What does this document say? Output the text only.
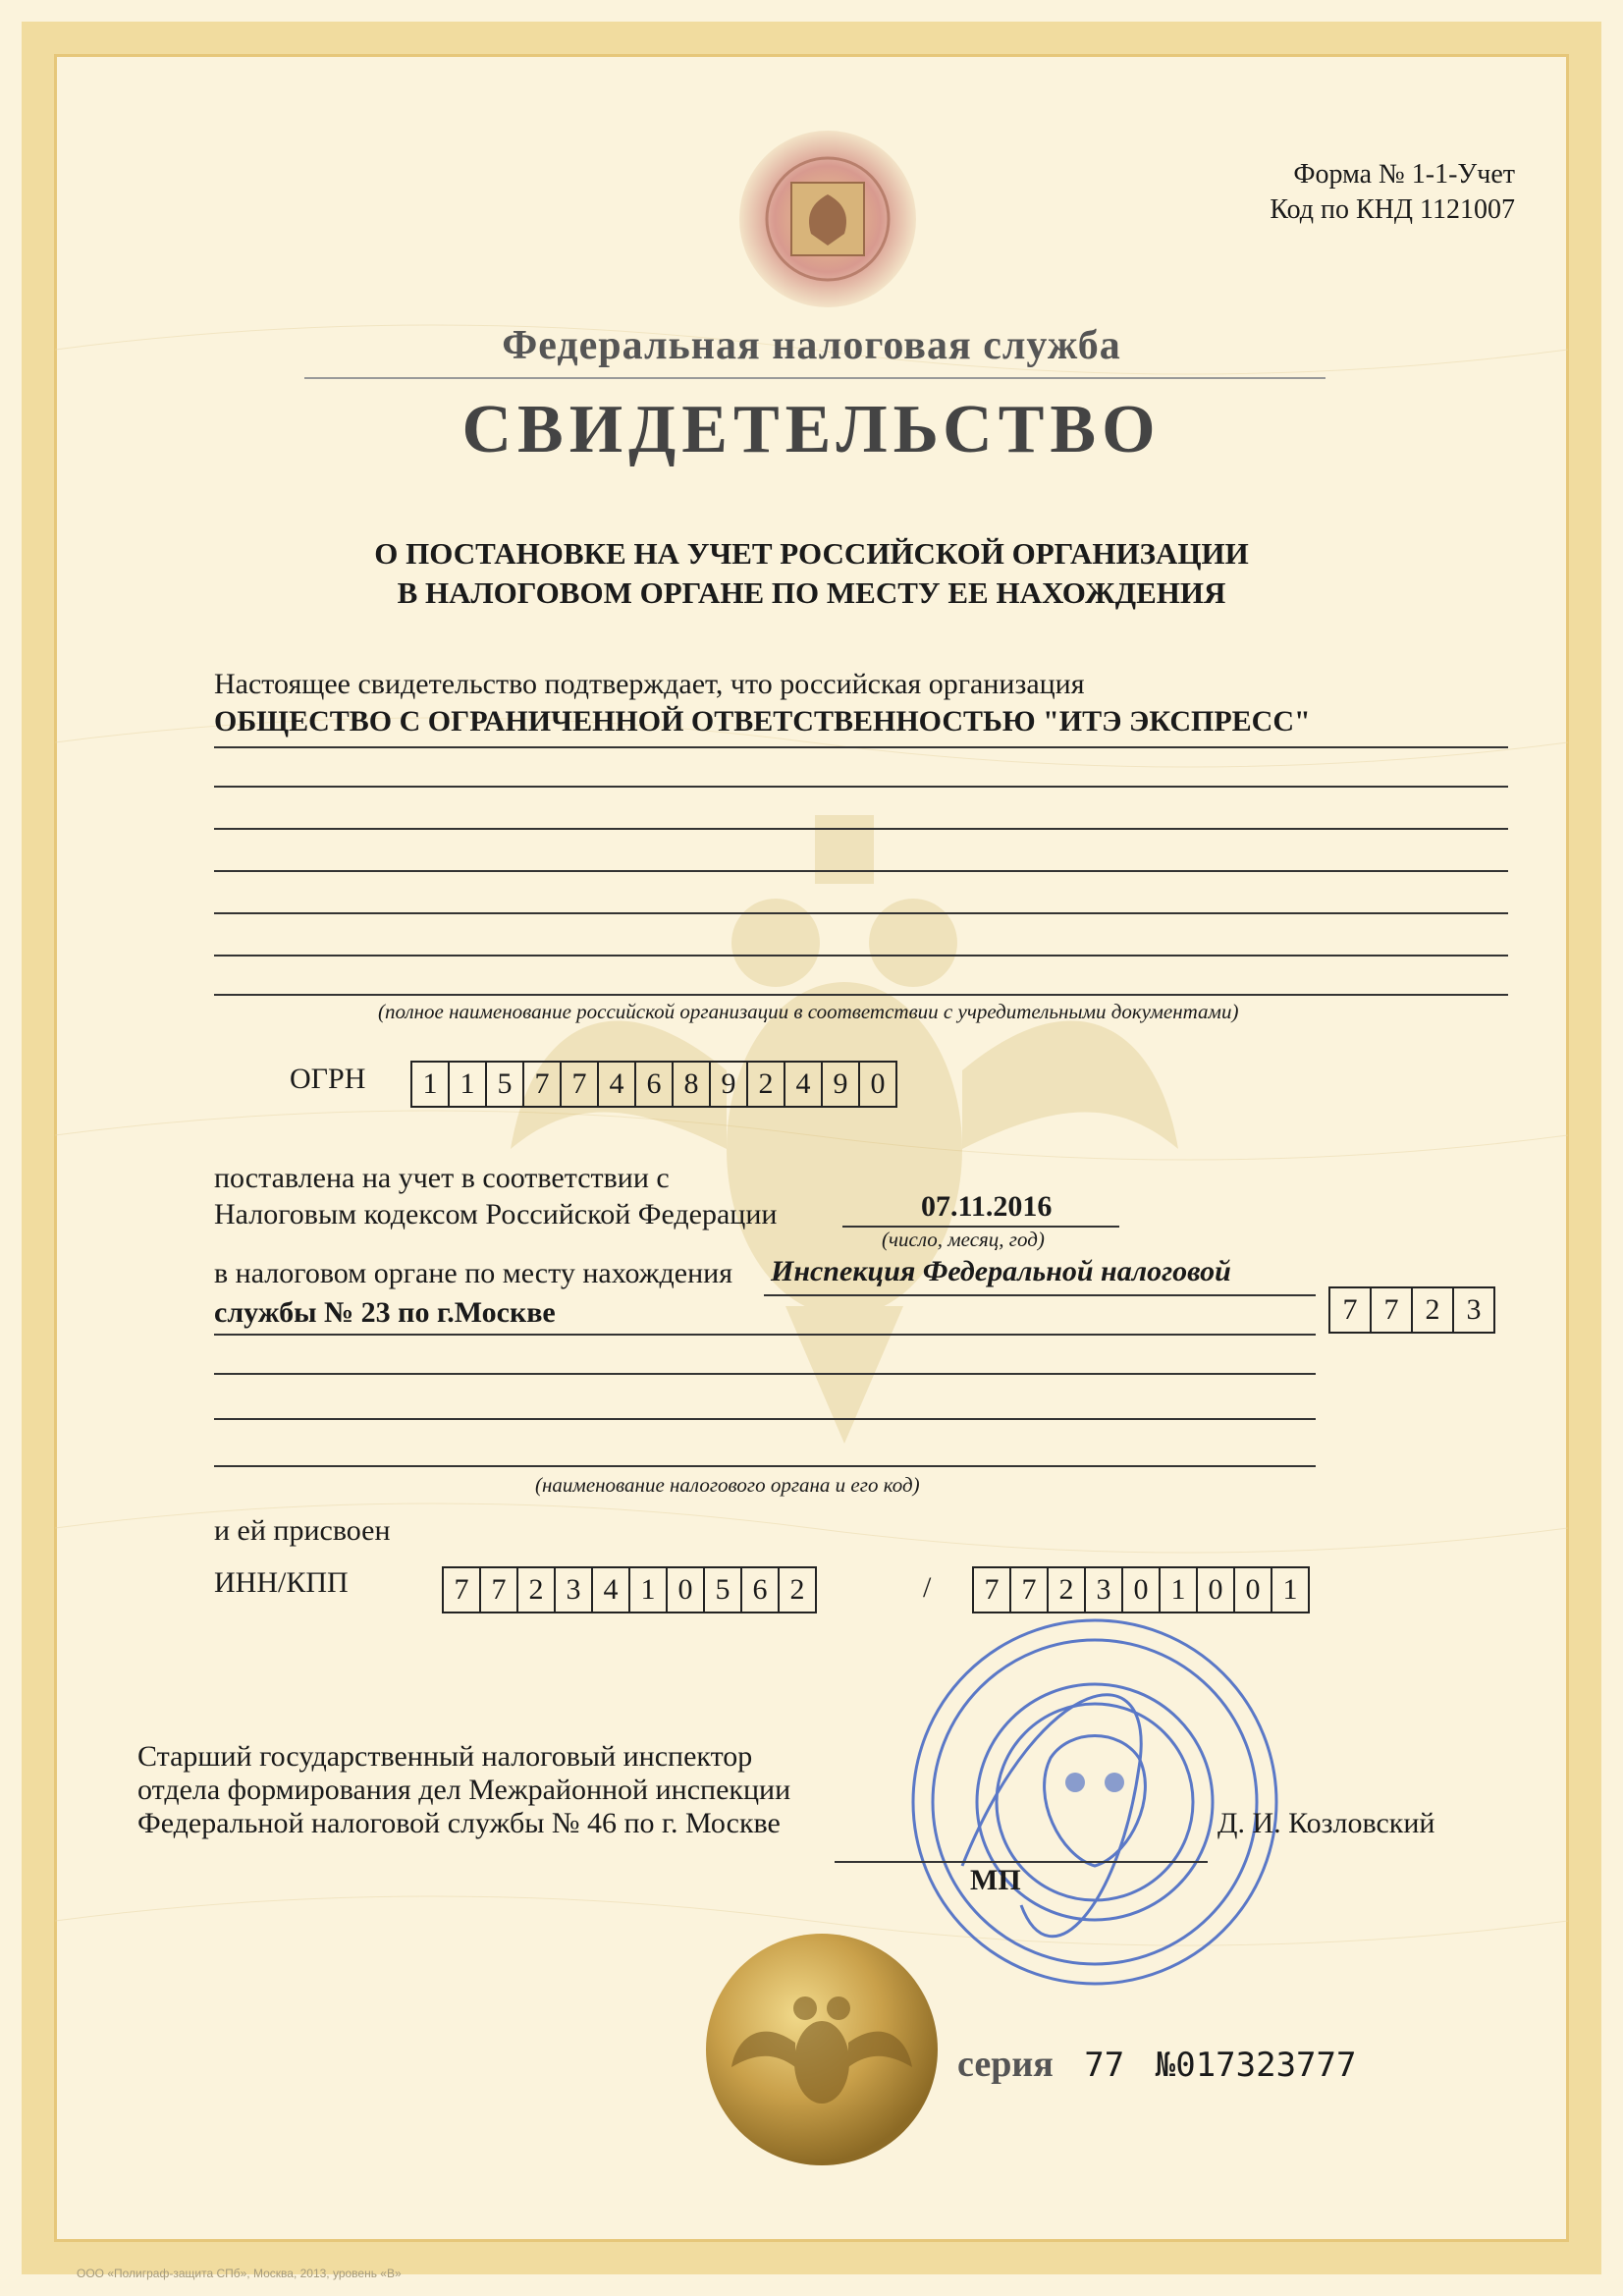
Форма № 1-1-Учет
Код по КНД 1121007
Федеральная налоговая служба
СВИДЕТЕЛЬСТВО
О ПОСТАНОВКЕ НА УЧЕТ РОССИЙСКОЙ ОРГАНИЗАЦИИ
В НАЛОГОВОМ ОРГАНЕ ПО МЕСТУ ЕЕ НАХОЖДЕНИЯ
Настоящее свидетельство подтверждает, что российская организация
ОБЩЕСТВО С ОГРАНИЧЕННОЙ ОТВЕТСТВЕННОСТЬЮ "ИТЭ ЭКСПРЕСС"
(полное наименование российской организации в соответствии с учредительными документами)
ОГРН	1 1 5 7 7 4 6 8 9 2 4 9 0
поставлена на учет в соответствии с
Налоговым кодексом Российской Федерации	07.11.2016
(число, месяц, год)
в налоговом органе по месту нахождения Инспекция Федеральной налоговой
службы № 23 по г.Москве	7 7 2 3
(наименование налогового органа и его код)
и ей присвоен
ИНН/КПП	7 7 2 3 4 1 0 5 6 2	/	7 7 2 3 0 1 0 0 1
Старший государственный налоговый инспектор
отдела формирования дел Межрайонной инспекции
Федеральной налоговой службы № 46 по г. Москве	Д. И. Козловский
МП
серия 77 №017323777
ООО «Полиграф-защита СПб», Москва, 2013, уровень «В»
